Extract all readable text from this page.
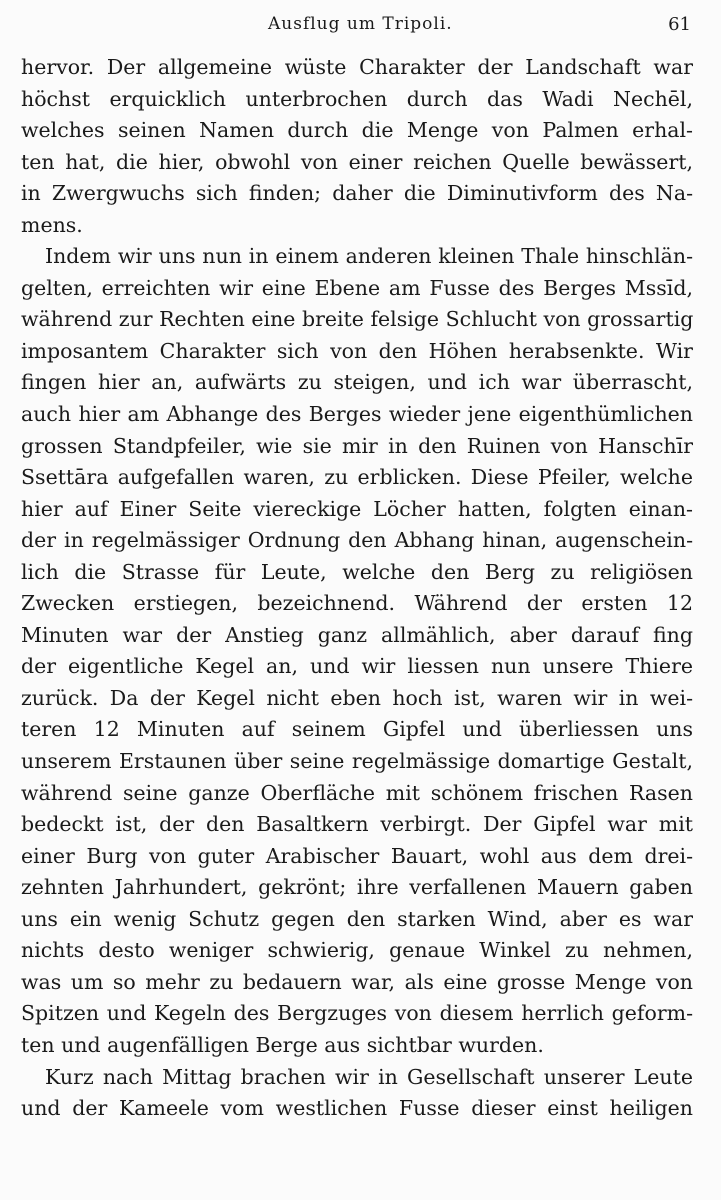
Ausflug um Tripoli.	61
hervor. Der allgemeine wüste Charakter der Landschaft war
höchst erquicklich unterbrochen durch das Wadi Nechēl,
welches seinen Namen durch die Menge von Palmen erhal-
ten hat, die hier, obwohl von einer reichen Quelle bewässert,
in Zwergwuchs sich finden; daher die Diminutivform des Na-
mens.
Indem wir uns nun in einem anderen kleinen Thale hinschlän-
gelten, erreichten wir eine Ebene am Fusse des Berges Mssīd,
während zur Rechten eine breite felsige Schlucht von grossartig
imposantem Charakter sich von den Höhen herabsenkte. Wir
fingen hier an, aufwärts zu steigen, und ich war überrascht,
auch hier am Abhange des Berges wieder jene eigenthümlichen
grossen Standpfeiler, wie sie mir in den Ruinen von Hanschīr
Ssettāra aufgefallen waren, zu erblicken. Diese Pfeiler, welche
hier auf Einer Seite viereckige Löcher hatten, folgten einan-
der in regelmässiger Ordnung den Abhang hinan, augenschein-
lich die Strasse für Leute, welche den Berg zu religiösen
Zwecken erstiegen, bezeichnend. Während der ersten 12
Minuten war der Anstieg ganz allmählich, aber darauf fing
der eigentliche Kegel an, und wir liessen nun unsere Thiere
zurück. Da der Kegel nicht eben hoch ist, waren wir in wei-
teren 12 Minuten auf seinem Gipfel und überliessen uns
unserem Erstaunen über seine regelmässige domartige Gestalt,
während seine ganze Oberfläche mit schönem frischen Rasen
bedeckt ist, der den Basaltkern verbirgt. Der Gipfel war mit
einer Burg von guter Arabischer Bauart, wohl aus dem drei-
zehnten Jahrhundert, gekrönt; ihre verfallenen Mauern gaben
uns ein wenig Schutz gegen den starken Wind, aber es war
nichts desto weniger schwierig, genaue Winkel zu nehmen,
was um so mehr zu bedauern war, als eine grosse Menge von
Spitzen und Kegeln des Bergzuges von diesem herrlich geform-
ten und augenfälligen Berge aus sichtbar wurden.
Kurz nach Mittag brachen wir in Gesellschaft unserer Leute
und der Kameele vom westlichen Fusse dieser einst heiligen
